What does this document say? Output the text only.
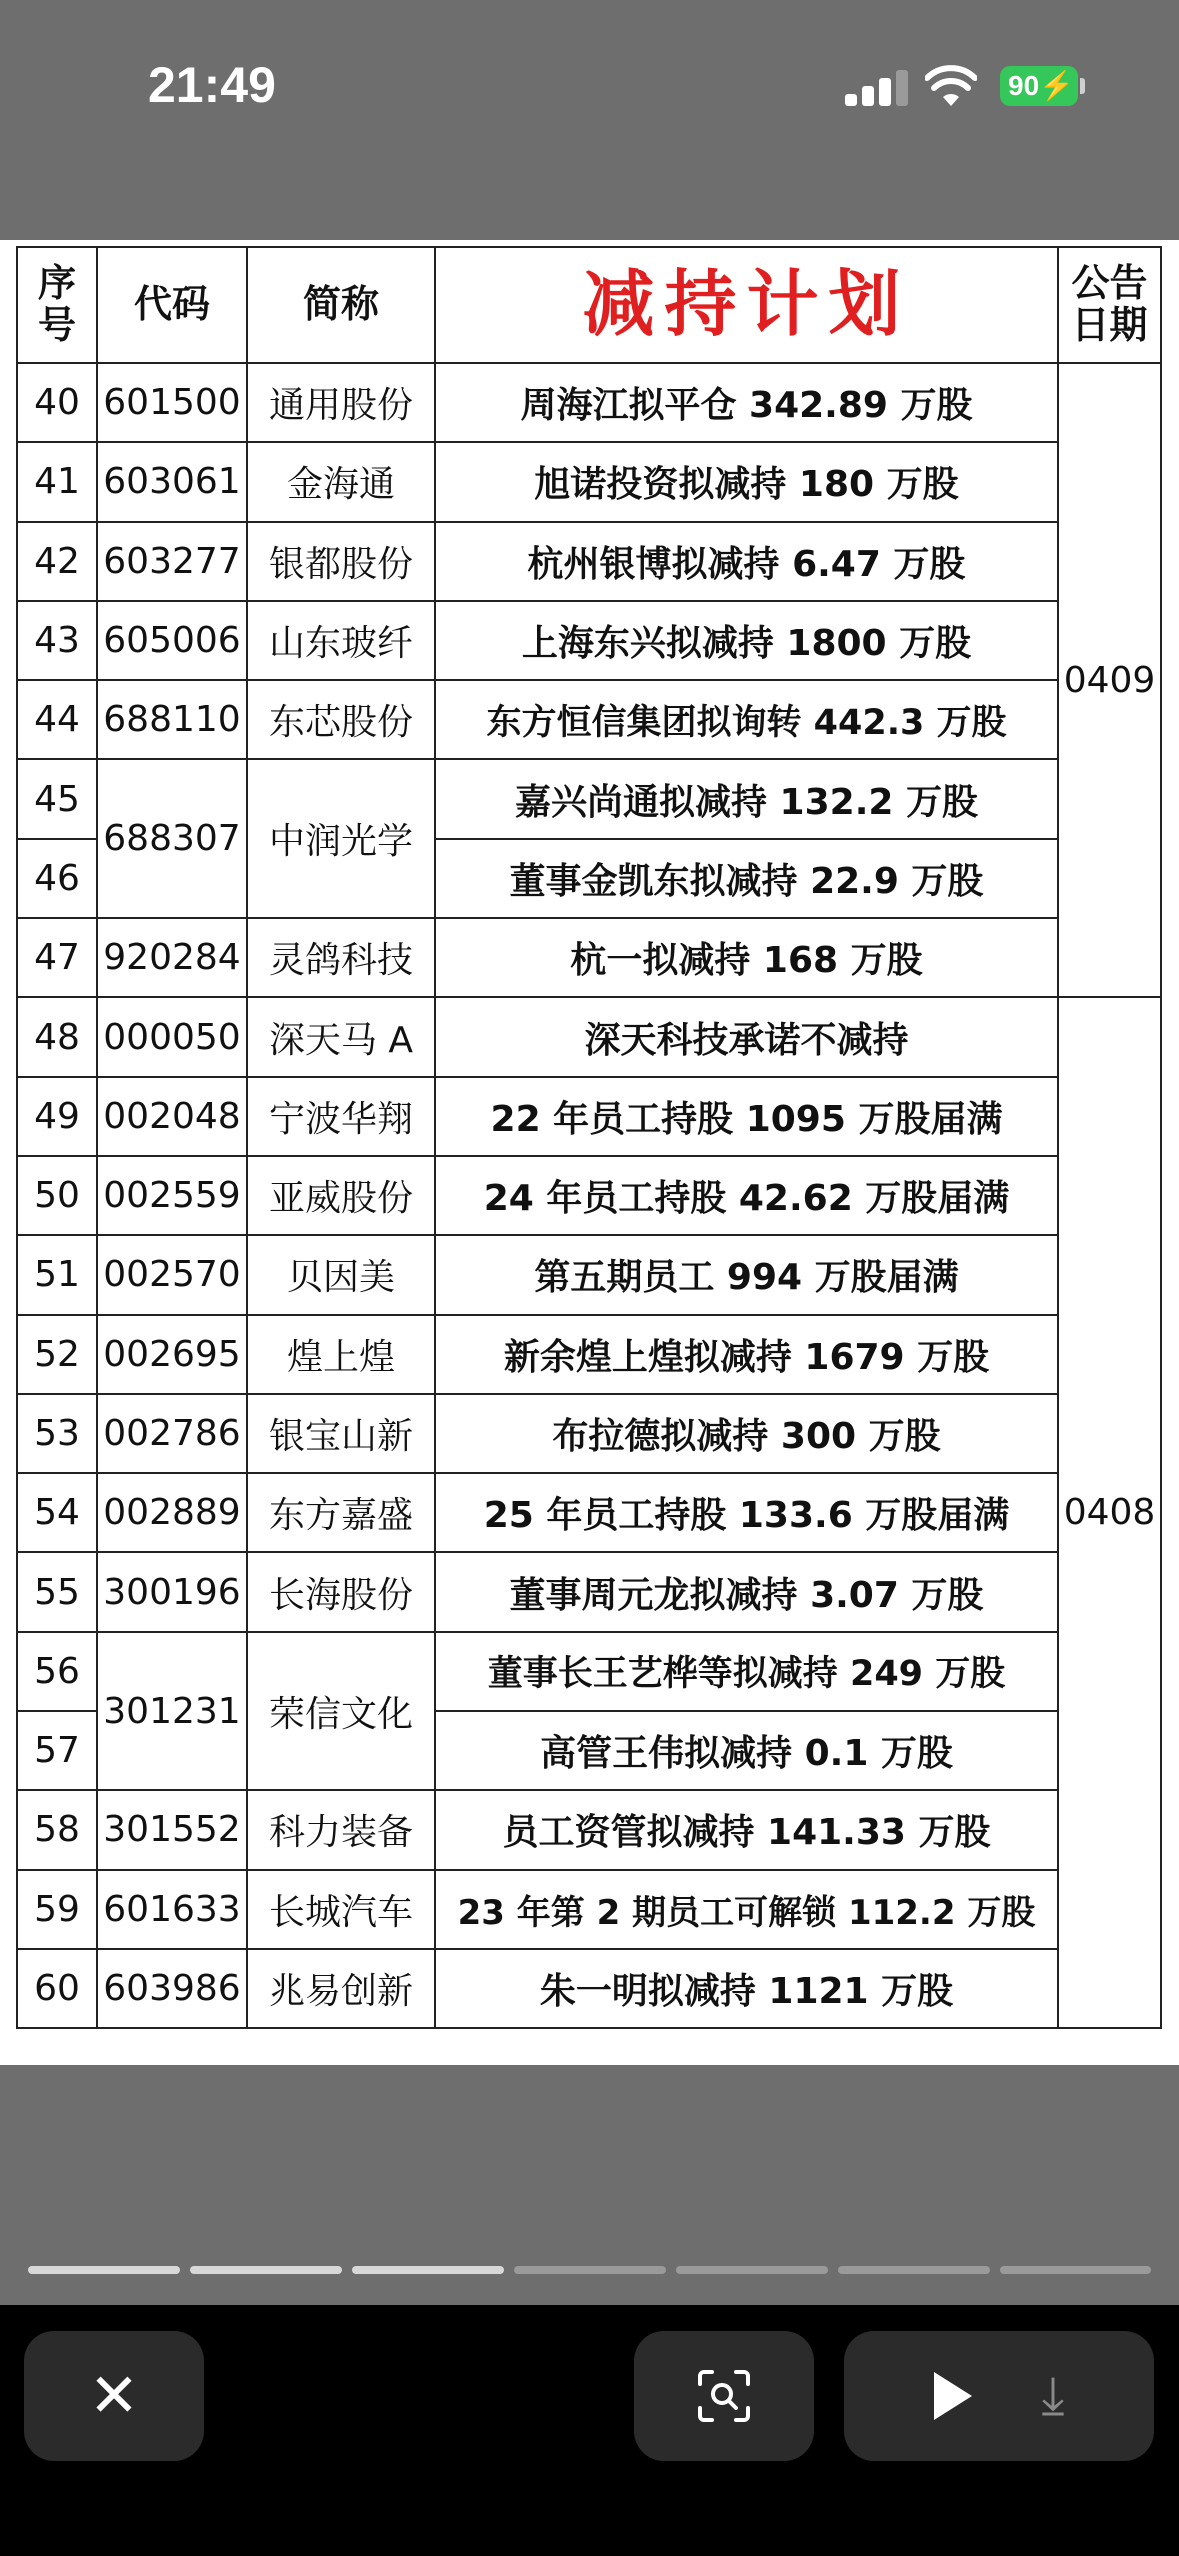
21:49	90⚡
序号	代码	简称	减持计划	公告日期
40	601500	通用股份	周海江拟平仓 342.89 万股	0409
41	603061	金海通	旭诺投资拟减持 180 万股	
42	603277	银都股份	杭州银博拟减持 6.47 万股	
43	605006	山东玻纤	上海东兴拟减持 1800 万股	
44	688110	东芯股份	东方恒信集团拟询转 442.3 万股	
45	688307	中润光学	嘉兴尚通拟减持 132.2 万股	
46			董事金凯东拟减持 22.9 万股	
47	920284	灵鸽科技	杭一拟减持 168 万股	
48	000050	深天马 A	深天科技承诺不减持	0408
49	002048	宁波华翔	22 年员工持股 1095 万股届满	
50	002559	亚威股份	24 年员工持股 42.62 万股届满	
51	002570	贝因美	第五期员工 994 万股届满	
52	002695	煌上煌	新余煌上煌拟减持 1679 万股	
53	002786	银宝山新	布拉德拟减持 300 万股	
54	002889	东方嘉盛	25 年员工持股 133.6 万股届满	
55	300196	长海股份	董事周元龙拟减持 3.07 万股	
56	301231	荣信文化	董事长王艺桦等拟减持 249 万股	
57			高管王伟拟减持 0.1 万股	
58	301552	科力装备	员工资管拟减持 141.33 万股	
59	601633	长城汽车	23 年第 2 期员工可解锁 112.2 万股	
60	603986	兆易创新	朱一明拟减持 1121 万股	
✕	⤓
